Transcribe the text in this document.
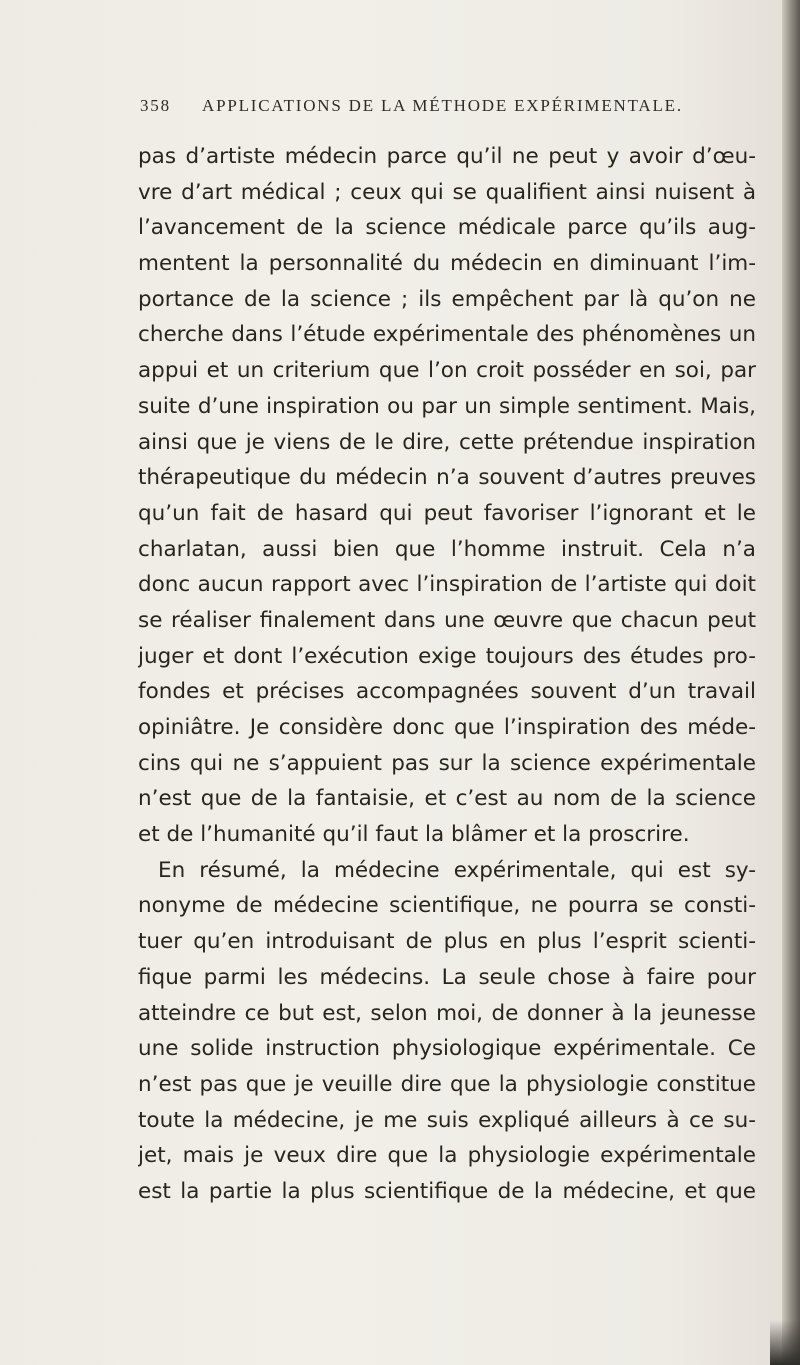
358 APPLICATIONS DE LA MÉTHODE EXPÉRIMENTALE.
pas d’artiste médecin parce qu’il ne peut y avoir d’œu-
vre d’art médical ; ceux qui se qualifient ainsi nuisent à
l’avancement de la science médicale parce qu’ils aug-
mentent la personnalité du médecin en diminuant l’im-
portance de la science ; ils empêchent par là qu’on ne
cherche dans l’étude expérimentale des phénomènes un
appui et un criterium que l’on croit posséder en soi, par
suite d’une inspiration ou par un simple sentiment. Mais,
ainsi que je viens de le dire, cette prétendue inspiration
thérapeutique du médecin n’a souvent d’autres preuves
qu’un fait de hasard qui peut favoriser l’ignorant et le
charlatan, aussi bien que l’homme instruit. Cela n’a
donc aucun rapport avec l’inspiration de l’artiste qui doit
se réaliser finalement dans une œuvre que chacun peut
juger et dont l’exécution exige toujours des études pro-
fondes et précises accompagnées souvent d’un travail
opiniâtre. Je considère donc que l’inspiration des méde-
cins qui ne s’appuient pas sur la science expérimentale
n’est que de la fantaisie, et c’est au nom de la science
et de l’humanité qu’il faut la blâmer et la proscrire.
En résumé, la médecine expérimentale, qui est sy-
nonyme de médecine scientifique, ne pourra se consti-
tuer qu’en introduisant de plus en plus l’esprit scienti-
fique parmi les médecins. La seule chose à faire pour
atteindre ce but est, selon moi, de donner à la jeunesse
une solide instruction physiologique expérimentale. Ce
n’est pas que je veuille dire que la physiologie constitue
toute la médecine, je me suis expliqué ailleurs à ce su-
jet, mais je veux dire que la physiologie expérimentale
est la partie la plus scientifique de la médecine, et que
